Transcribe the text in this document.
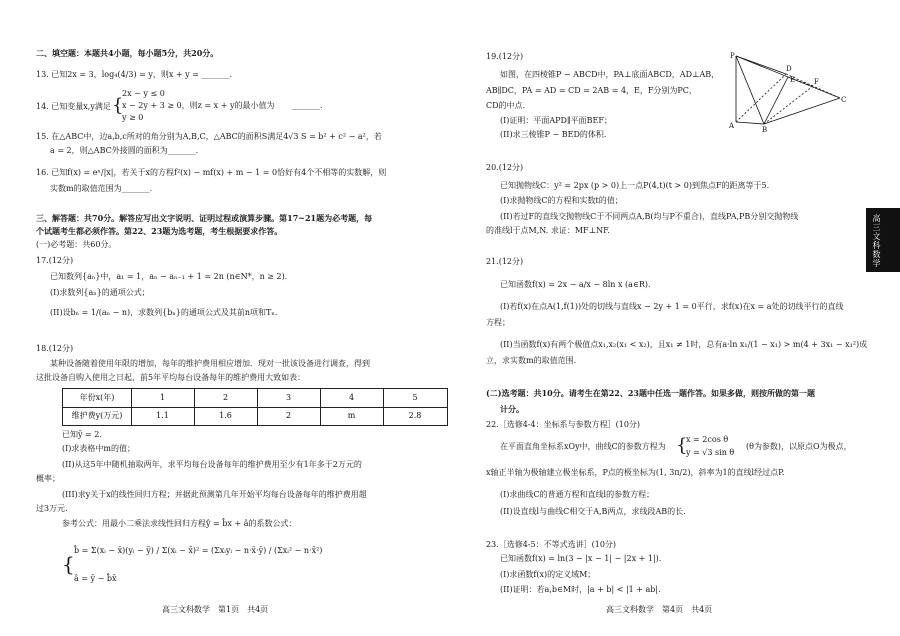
二、填空题：本题共4小题，每小题5分，共20分。
13. 已知2x = 3，log₄(4/3) = y，则x + y = _______.
14. 已知变量x,y满足 {
2x − y ≤ 0
x − 2y + 3 ≥ 0，则z = x + y的最小值为
y ≥ 0
_______.
15. 在△ABC中，边a,b,c所对的角分别为A,B,C，△ABC的面积S满足4√3 S = b² + c² − a²，若
a = 2，则△ABC外接圆的面积为_______.
16. 已知f(x) = eˣ/|x|，若关于x的方程f²(x) − mf(x) + m − 1 = 0恰好有4个不相等的实数解，则
实数m的取值范围为_______.
三、解答题：共70分。解答应写出文字说明、证明过程或演算步骤。第17~21题为必考题，每
个试题考生都必须作答。第22、23题为选考题，考生根据要求作答。
(一)必考题：共60分。
17.(12分)
已知数列{aₙ}中，a₁ = 1，aₙ − aₙ₋₁ + 1 = 2n (n∈N*，n ≥ 2).
(I)求数列{aₙ}的通项公式；
(II)设bₙ = 1/(aₙ − n)，求数列{bₙ}的通项公式及其前n项和Tₙ.
18.(12分)
某种设备随着使用年限的增加，每年的维护费用相应增加．现对一批该设备进行调查，得到
这批设备自购入使用之日起，前5年平均每台设备每年的维护费用大致如表：
年份x(年)	1	2	3	4	5
维护费y(万元)	1.1	1.6	2	m	2.8
已知ȳ = 2.
(I)求表格中m的值；
(II)从这5年中随机抽取两年，求平均每台设备每年的维护费用至少有1年多于2万元的
概率；
(III)求y关于x的线性回归方程；并据此预测第几年开始平均每台设备每年的维护费用超
过3万元.
参考公式：用最小二乘法求线性回归方程ŷ = b̂x + â的系数公式：
{
b̂ = Σ(xᵢ − x̄)(yᵢ − ȳ) / Σ(xᵢ − x̄)² = (Σxᵢyᵢ − n·x̄·ȳ) / (Σxᵢ² − n·x̄²)
â = ȳ − b̂x̄
高三文科数学　第1页　共4页
19.(12分)
如图，在四棱锥P − ABCD中，PA⊥底面ABCD，AD⊥AB，
AB∥DC，PA = AD = CD = 2AB = 4，E，F分别为PC，
CD的中点.
(I)证明：平面APD∥平面BEF；
(II)求三棱锥P − BED的体积.
20.(12分)
已知抛物线C：y² = 2px (p > 0)上一点P(4,t)(t > 0)到焦点F的距离等于5.
(I)求抛物线C的方程和实数t的值；
(II)若过F的直线交抛物线C于不同两点A,B(均与P不重合)，直线PA,PB分别交抛物线
的准线l于点M,N. 求证：MF⊥NF.
21.(12分)
已知函数f(x) = 2x − a/x − 8ln x (a∈R).
(I)若f(x)在点A(1,f(1))处的切线与直线x − 2y + 1 = 0平行，求f(x)在x = a处的切线平行的直线
方程；
(II)当函数f(x)有两个极值点x₁,x₂(x₁ < x₂)，且x₁ ≠ 1时，总有a·ln x₁/(1 − x₁) > m(4 + 3x₁ − x₁²)成
立，求实数m的取值范围.
(二)选考题：共10分。请考生在第22、23题中任选一题作答。如果多做，则按所做的第一题
计分。
22.［选修4-4：坐标系与参数方程］(10分)
在平面直角坐标系xOy中，曲线C的参数方程为 {
x = 2cos θ
y = √3 sin θ
(θ为参数)，以原点O为极点，
x轴正半轴为极轴建立极坐标系，P点的极坐标为(1, 3π/2)，斜率为1的直线l经过点P.
(I)求曲线C的普通方程和直线l的参数方程；
(II)设直线l与曲线C相交于A,B两点，求线段AB的长.
23.［选修4-5：不等式选讲］(10分)
已知函数f(x) = ln(3 − |x − 1| − |2x + 1|).
(I)求函数f(x)的定义域M；
(II)证明：若a,b∈M时，|a + b| < |1 + ab|.
高三文科数学　第4页　共4页
P
A	B
C
D
E	F
高三文科数学
